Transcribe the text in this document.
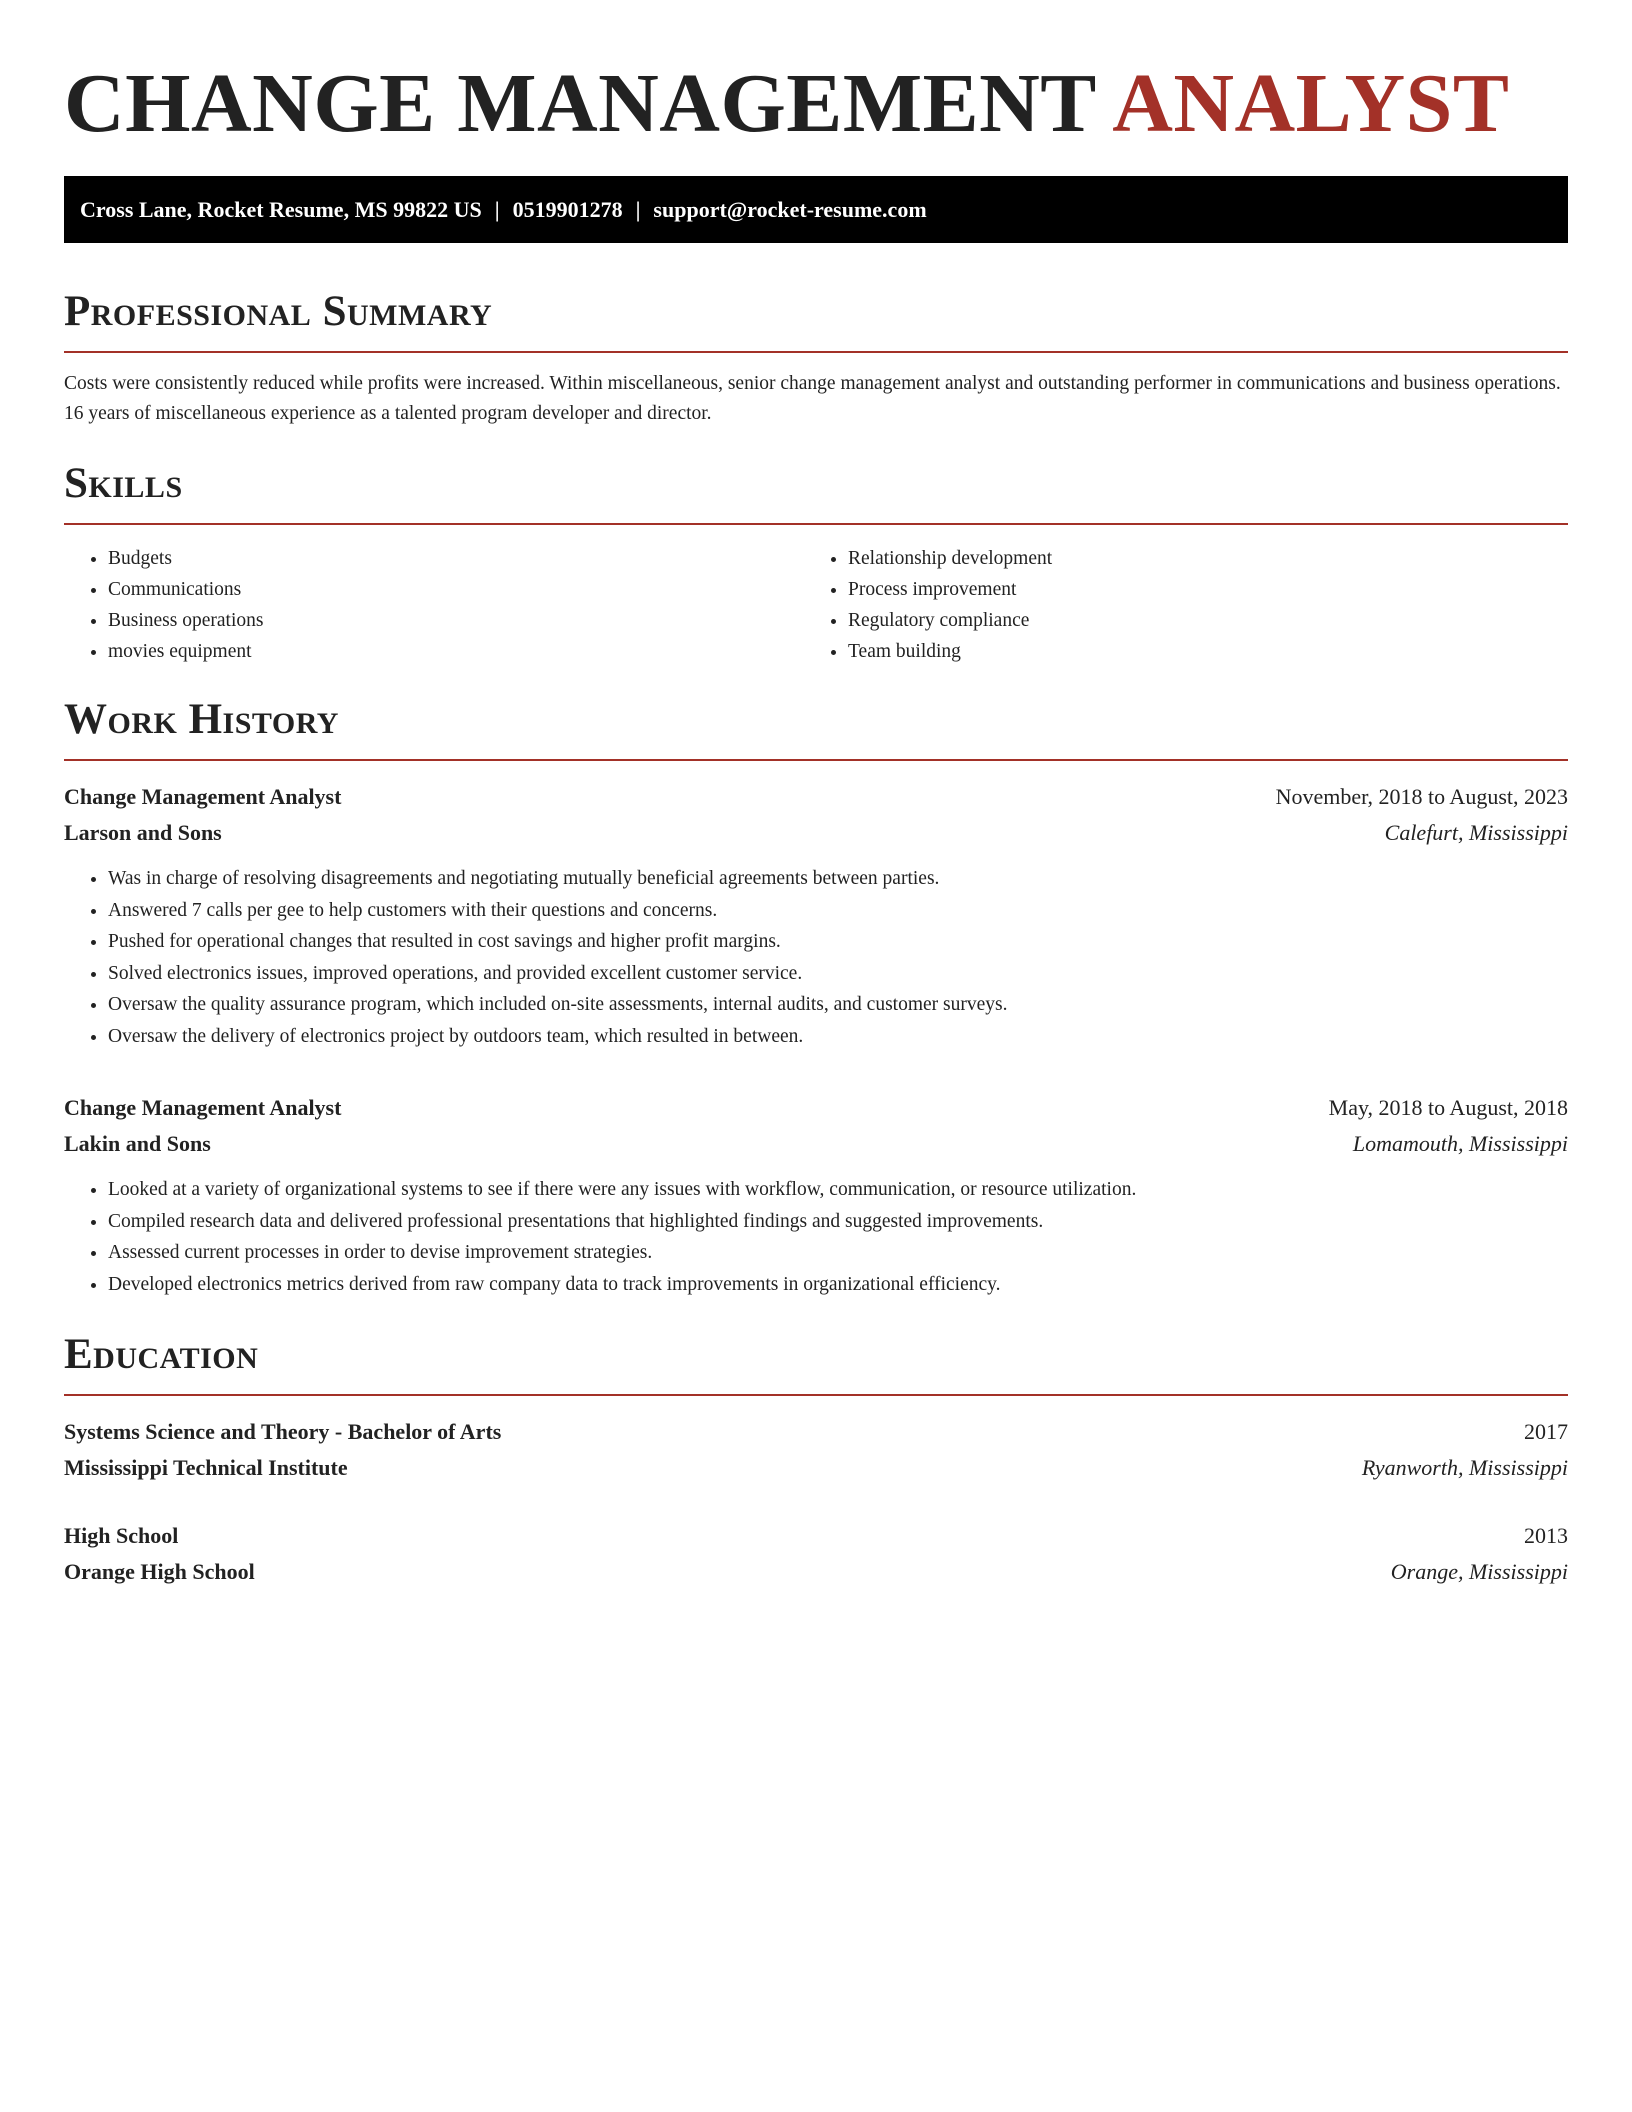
CHANGE MANAGEMENT ANALYST
Cross Lane, Rocket Resume, MS 99822 US | 0519901278 | support@rocket-resume.com
Professional Summary

Costs were consistently reduced while profits were increased. Within miscellaneous, senior change management analyst and outstanding performer in communications and business operations. 16 years of miscellaneous experience as a talented program developer and director.

Skills
• Budgets
• Communications
• Business operations
• movies equipment
• Relationship development
• Process improvement
• Regulatory compliance
• Team building
Work History
Change Management Analyst	November, 2018 to August, 2023
Larson and Sons	Calefurt, Mississippi
• Was in charge of resolving disagreements and negotiating mutually beneficial agreements between parties.
• Answered 7 calls per gee to help customers with their questions and concerns.
• Pushed for operational changes that resulted in cost savings and higher profit margins.
• Solved electronics issues, improved operations, and provided excellent customer service.
• Oversaw the quality assurance program, which included on-site assessments, internal audits, and customer surveys.
• Oversaw the delivery of electronics project by outdoors team, which resulted in between.
Change Management Analyst	May, 2018 to August, 2018
Lakin and Sons	Lomamouth, Mississippi
• Looked at a variety of organizational systems to see if there were any issues with workflow, communication, or resource utilization.
• Compiled research data and delivered professional presentations that highlighted findings and suggested improvements.
• Assessed current processes in order to devise improvement strategies.
• Developed electronics metrics derived from raw company data to track improvements in organizational efficiency.
Education
Systems Science and Theory - Bachelor of Arts	2017
Mississippi Technical Institute	Ryanworth, Mississippi
High School	2013
Orange High School	Orange, Mississippi
